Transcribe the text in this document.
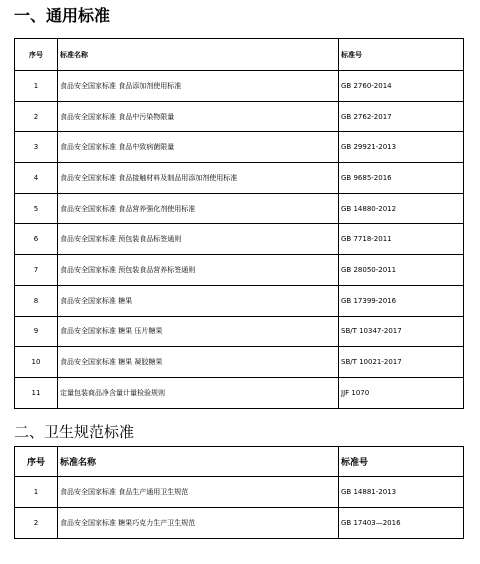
一、通用标准
序号	标准名称	标准号
1	食品安全国家标准 食品添加剂使用标准	GB 2760-2014
2	食品安全国家标准 食品中污染物限量	GB 2762-2017
3	食品安全国家标准 食品中致病菌限量	GB 29921-2013
4	食品安全国家标准 食品接触材料及制品用添加剂使用标准	GB 9685-2016
5	食品安全国家标准 食品营养强化剂使用标准	GB 14880-2012
6	食品安全国家标准 预包装食品标签通则	GB 7718-2011
7	食品安全国家标准 预包装食品营养标签通则	GB 28050-2011
8	食品安全国家标准 糖果	GB 17399-2016
9	食品安全国家标准 糖果 压片糖果	SB/T 10347-2017
10	食品安全国家标准 糖果 凝胶糖果	SB/T 10021-2017
11	定量包装商品净含量计量检验规则	JJF 1070
二、卫生规范标准
序号	标准名称	标准号
1	食品安全国家标准 食品生产通用卫生规范	GB 14881-2013
2	食品安全国家标准 糖果巧克力生产卫生规范	GB 17403—2016
